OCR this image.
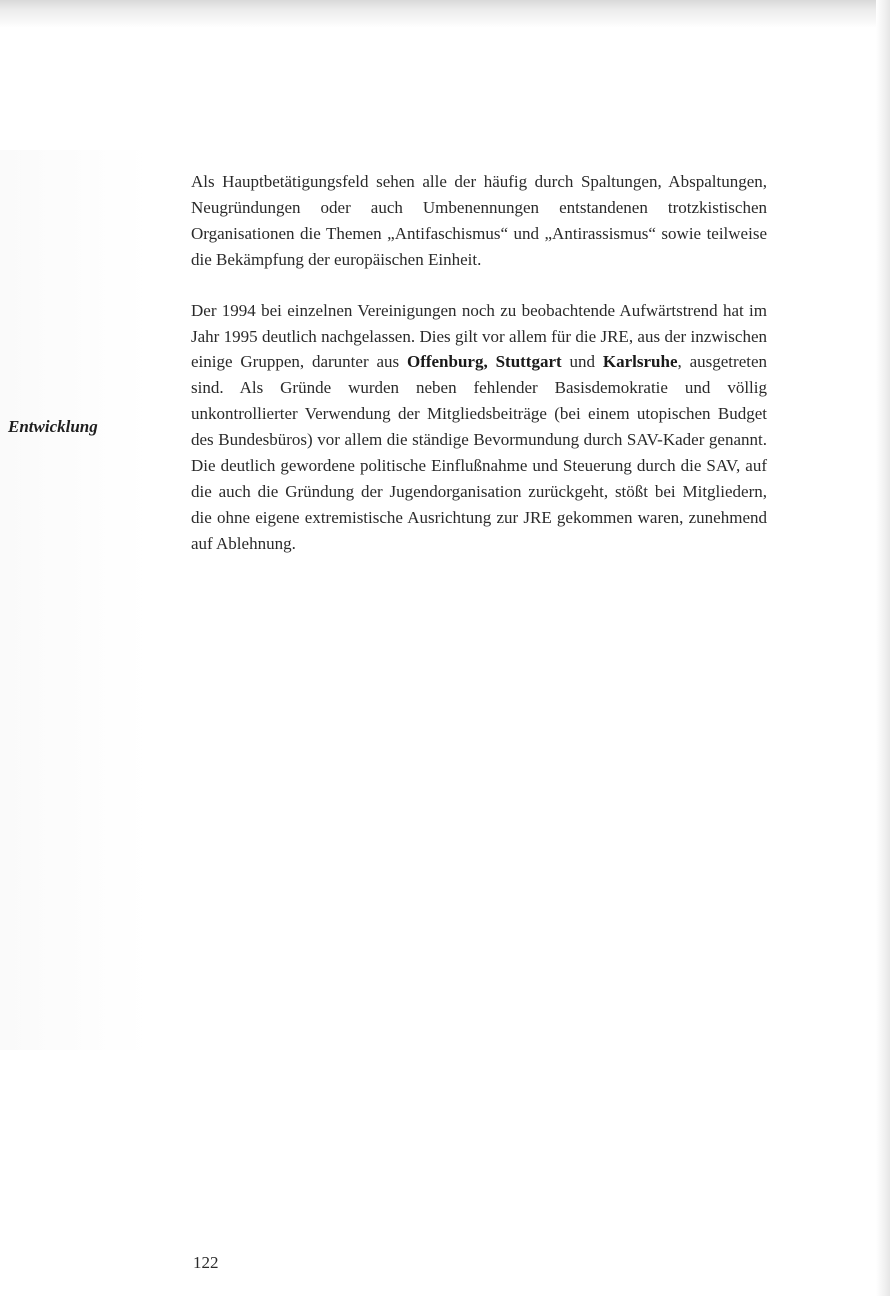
Entwicklung

Als Hauptbetätigungsfeld sehen alle der häufig durch Spaltungen, Abspaltungen, Neugründungen oder auch Umbenennungen entstandenen trotzkistischen Organisationen die Themen „Antifaschismus“ und „Antirassismus“ sowie teilweise die Bekämpfung der europäischen Einheit.

Der 1994 bei einzelnen Vereinigungen noch zu beobachtende Aufwärtstrend hat im Jahr 1995 deutlich nachgelassen. Dies gilt vor allem für die JRE, aus der inzwischen einige Gruppen, darunter aus Offenburg, Stuttgart und Karlsruhe, ausgetreten sind. Als Gründe wurden neben fehlender Basisdemokratie und völlig unkontrollierter Verwendung der Mitgliedsbeiträge (bei einem utopischen Budget des Bundesbüros) vor allem die ständige Bevormundung durch SAV-Kader genannt. Die deutlich gewordene politische Einflußnahme und Steuerung durch die SAV, auf die auch die Gründung der Jugendorganisation zurückgeht, stößt bei Mitgliedern, die ohne eigene extremistische Ausrichtung zur JRE gekommen waren, zunehmend auf Ablehnung.

122
